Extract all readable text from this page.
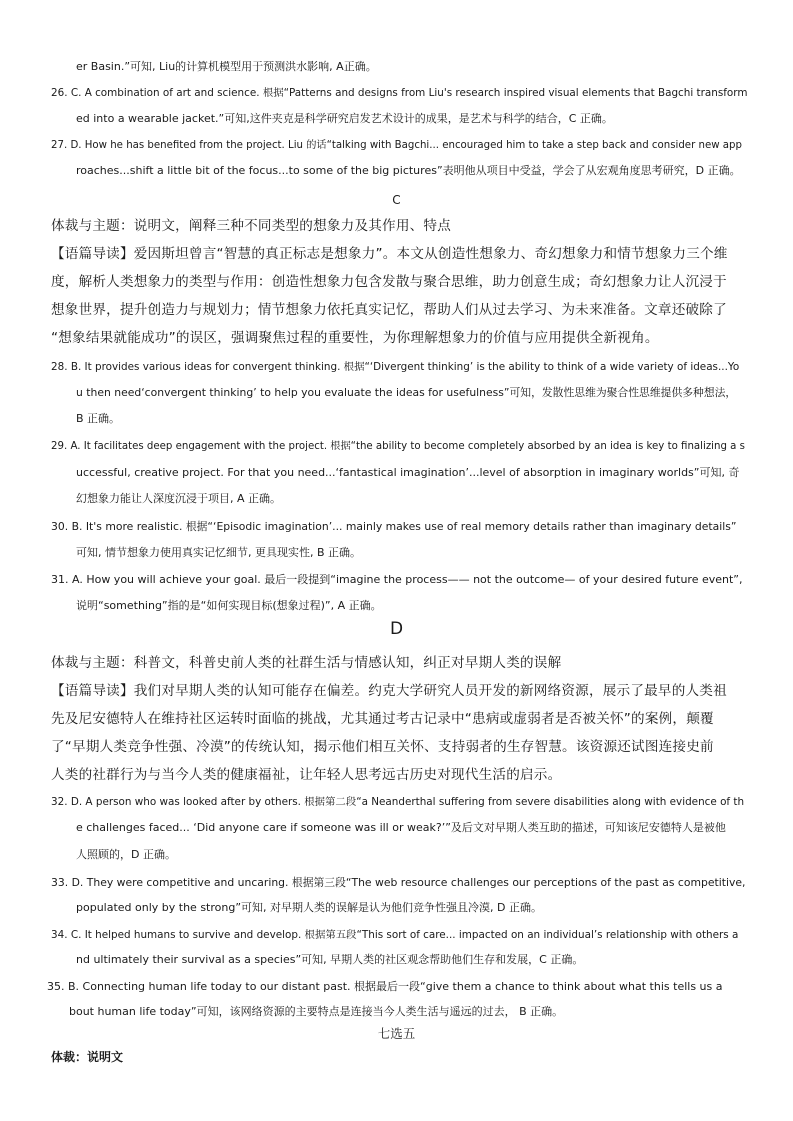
er Basin.”可知, Liu的计算机模型用于预测洪水影响, A正确。
26. C. A combination of art and science. 根据“Patterns and designs from Liu's research inspired visual elements that Bagchi transform
ed into a wearable jacket.”可知,这件夹克是科学研究启发艺术设计的成果，是艺术与科学的结合，C 正确。
27. D. How he has benefited from the project. Liu 的话“talking with Bagchi... encouraged him to take a step back and consider new app
roaches...shift a little bit of the focus...to some of the big pictures”表明他从项目中受益，学会了从宏观角度思考研究，D 正确。
C
体裁与主题：说明文，阐释三种不同类型的想象力及其作用、特点
【语篇导读】爱因斯坦曾言“智慧的真正标志是想象力”。本文从创造性想象力、奇幻想象力和情节想象力三个维
度，解析人类想象力的类型与作用：创造性想象力包含发散与聚合思维，助力创意生成；奇幻想象力让人沉浸于
想象世界，提升创造力与规划力；情节想象力依托真实记忆，帮助人们从过去学习、为未来准备。文章还破除了
“想象结果就能成功”的误区，强调聚焦过程的重要性，为你理解想象力的价值与应用提供全新视角。
28. B. It provides various ideas for convergent thinking. 根据“‘Divergent thinking’ is the ability to think of a wide variety of ideas...Yo
u then need‘convergent thinking’ to help you evaluate the ideas for usefulness”可知，发散性思维为聚合性思维提供多种想法，
B 正确。
29. A. It facilitates deep engagement with the project. 根据“the ability to become completely absorbed by an idea is key to finalizing a s
uccessful, creative project. For that you need...‘fantastical imagination’...level of absorption in imaginary worlds”可知, 奇
幻想象力能让人深度沉浸于项目, A 正确。
30. B. It's more realistic. 根据“‘Episodic imagination’... mainly makes use of real memory details rather than imaginary details”
可知, 情节想象力使用真实记忆细节, 更具现实性, B 正确。
31. A. How you will achieve your goal. 最后一段提到“imagine the process—— not the outcome— of your desired future event”,
说明“something”指的是“如何实现目标(想象过程)”, A 正确。
D
体裁与主题：科普文，科普史前人类的社群生活与情感认知，纠正对早期人类的误解
【语篇导读】我们对早期人类的认知可能存在偏差。约克大学研究人员开发的新网络资源，展示了最早的人类祖
先及尼安德特人在维持社区运转时面临的挑战，尤其通过考古记录中“患病或虚弱者是否被关怀”的案例，颠覆
了“早期人类竞争性强、冷漠”的传统认知，揭示他们相互关怀、支持弱者的生存智慧。该资源还试图连接史前
人类的社群行为与当今人类的健康福祉，让年轻人思考远古历史对现代生活的启示。
32. D. A person who was looked after by others. 根据第二段“a Neanderthal suffering from severe disabilities along with evidence of th
e challenges faced... ‘Did anyone care if someone was ill or weak?’”及后文对早期人类互助的描述，可知该尼安德特人是被他
人照顾的，D 正确。
33. D. They were competitive and uncaring. 根据第三段“The web resource challenges our perceptions of the past as competitive,
populated only by the strong”可知, 对早期人类的误解是认为他们竞争性强且冷漠, D 正确。
34. C. It helped humans to survive and develop. 根据第五段“This sort of care... impacted on an individual’s relationship with others a
nd ultimately their survival as a species”可知, 早期人类的社区观念帮助他们生存和发展，C 正确。
35. B. Connecting human life today to our distant past. 根据最后一段“give them a chance to think about what this tells us a
bout human life today”可知，该网络资源的主要特点是连接当今人类生活与遥远的过去， B 正确。
七选五
体裁：说明文
